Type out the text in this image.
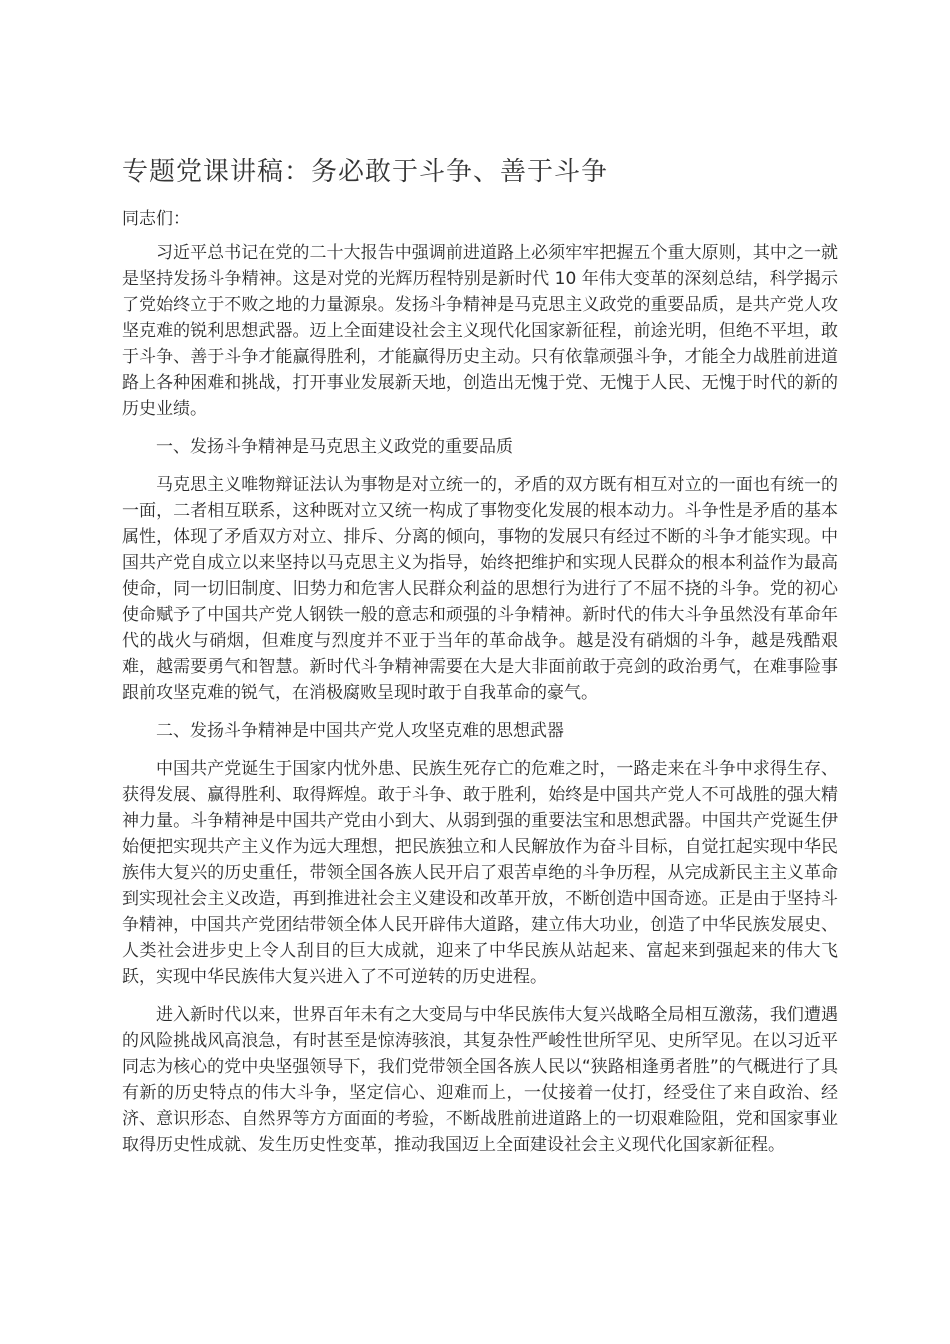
专题党课讲稿：务必敢于斗争、善于斗争

同志们：

习近平总书记在党的二十大报告中强调前进道路上必须牢牢把握五个重大原则，其中之一就是坚持发扬斗争精神。这是对党的光辉历程特别是新时代 10 年伟大变革的深刻总结，科学揭示了党始终立于不败之地的力量源泉。发扬斗争精神是马克思主义政党的重要品质，是共产党人攻坚克难的锐利思想武器。迈上全面建设社会主义现代化国家新征程，前途光明，但绝不平坦，敢于斗争、善于斗争才能赢得胜利，才能赢得历史主动。只有依靠顽强斗争，才能全力战胜前进道路上各种困难和挑战，打开事业发展新天地，创造出无愧于党、无愧于人民、无愧于时代的新的历史业绩。

一、发扬斗争精神是马克思主义政党的重要品质

马克思主义唯物辩证法认为事物是对立统一的，矛盾的双方既有相互对立的一面也有统一的一面，二者相互联系，这种既对立又统一构成了事物变化发展的根本动力。斗争性是矛盾的基本属性，体现了矛盾双方对立、排斥、分离的倾向，事物的发展只有经过不断的斗争才能实现。中国共产党自成立以来坚持以马克思主义为指导，始终把维护和实现人民群众的根本利益作为最高使命，同一切旧制度、旧势力和危害人民群众利益的思想行为进行了不屈不挠的斗争。党的初心使命赋予了中国共产党人钢铁一般的意志和顽强的斗争精神。新时代的伟大斗争虽然没有革命年代的战火与硝烟，但难度与烈度并不亚于当年的革命战争。越是没有硝烟的斗争，越是残酷艰难，越需要勇气和智慧。新时代斗争精神需要在大是大非面前敢于亮剑的政治勇气，在难事险事跟前攻坚克难的锐气，在消极腐败呈现时敢于自我革命的豪气。

二、发扬斗争精神是中国共产党人攻坚克难的思想武器

中国共产党诞生于国家内忧外患、民族生死存亡的危难之时，一路走来在斗争中求得生存、获得发展、赢得胜利、取得辉煌。敢于斗争、敢于胜利，始终是中国共产党人不可战胜的强大精神力量。斗争精神是中国共产党由小到大、从弱到强的重要法宝和思想武器。中国共产党诞生伊始便把实现共产主义作为远大理想，把民族独立和人民解放作为奋斗目标，自觉扛起实现中华民族伟大复兴的历史重任，带领全国各族人民开启了艰苦卓绝的斗争历程，从完成新民主主义革命到实现社会主义改造，再到推进社会主义建设和改革开放，不断创造中国奇迹。正是由于坚持斗争精神，中国共产党团结带领全体人民开辟伟大道路，建立伟大功业，创造了中华民族发展史、人类社会进步史上令人刮目的巨大成就，迎来了中华民族从站起来、富起来到强起来的伟大飞跃，实现中华民族伟大复兴进入了不可逆转的历史进程。

进入新时代以来，世界百年未有之大变局与中华民族伟大复兴战略全局相互激荡，我们遭遇的风险挑战风高浪急，有时甚至是惊涛骇浪，其复杂性严峻性世所罕见、史所罕见。在以习近平同志为核心的党中央坚强领导下，我们党带领全国各族人民以“狭路相逢勇者胜”的气概进行了具有新的历史特点的伟大斗争，坚定信心、迎难而上，一仗接着一仗打，经受住了来自政治、经济、意识形态、自然界等方方面面的考验，不断战胜前进道路上的一切艰难险阻，党和国家事业取得历史性成就、发生历史性变革，推动我国迈上全面建设社会主义现代化国家新征程。
